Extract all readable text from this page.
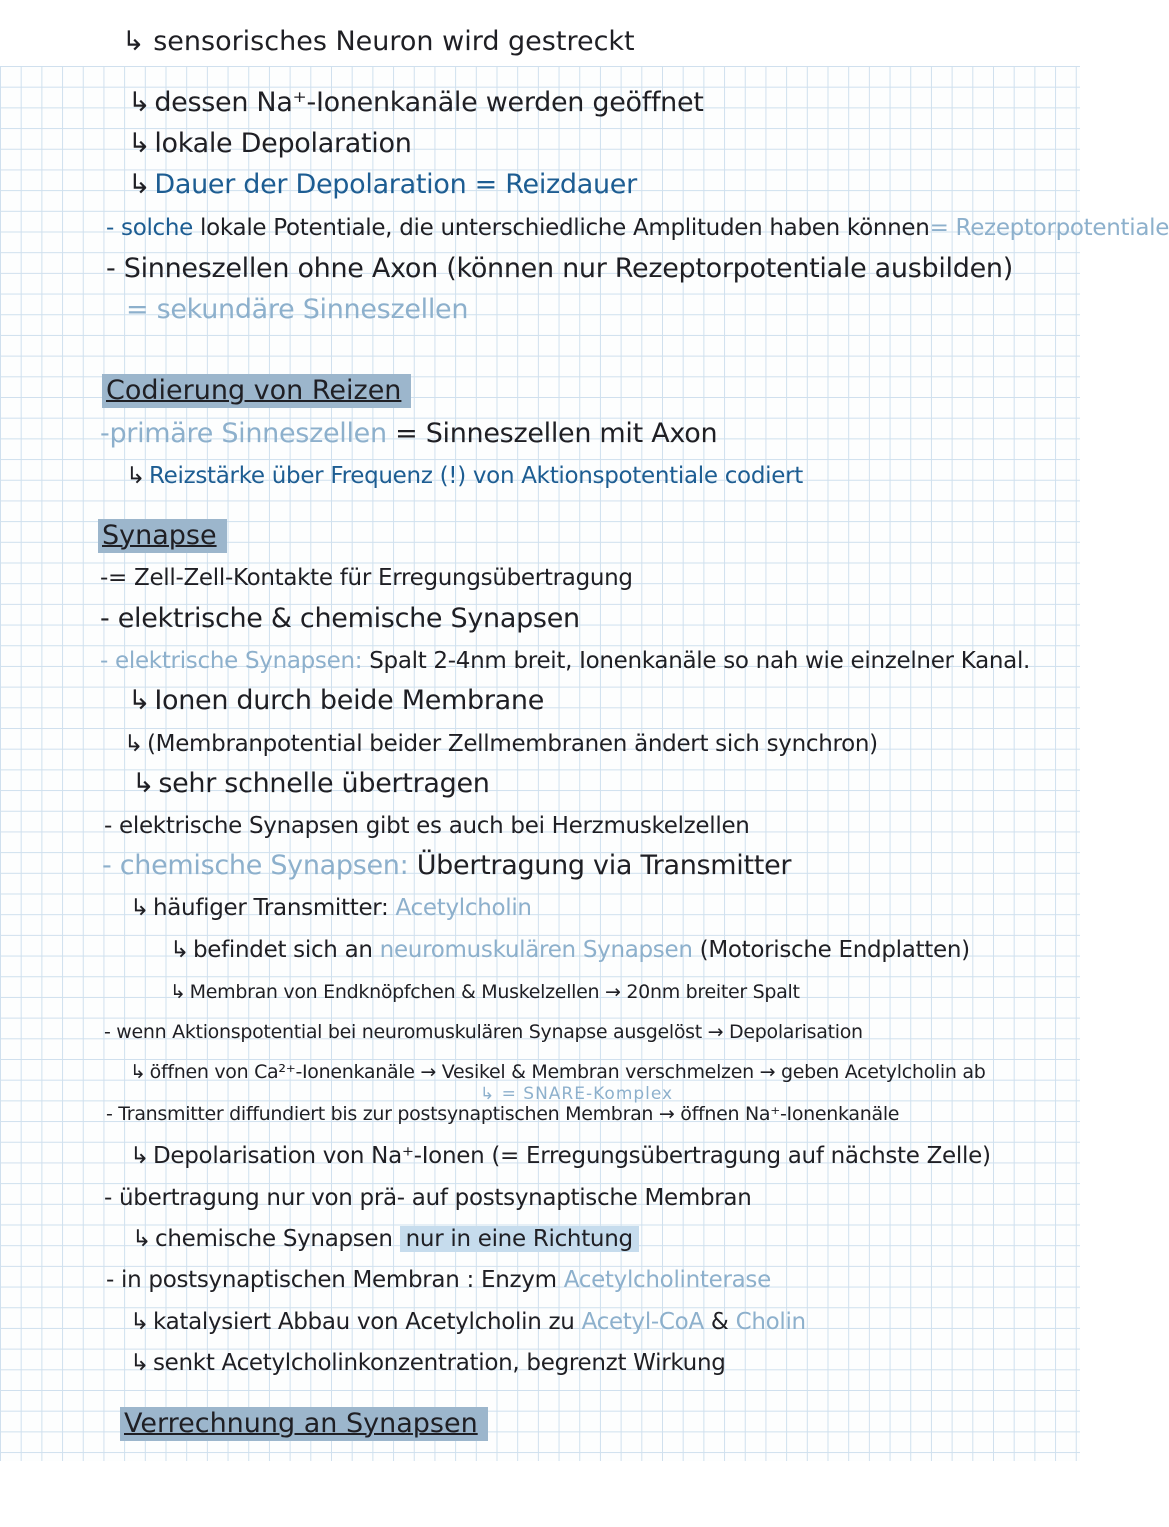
↳ sensorisches Neuron wird gestreckt
↳ dessen Na⁺-Ionenkanäle werden geöffnet
↳ lokale Depolaration
↳ Dauer der Depolaration = Reizdauer
- solche lokale Potentiale, die unterschiedliche Amplituden haben können= Rezeptorpotentiale
- Sinneszellen ohne Axon (können nur Rezeptorpotentiale ausbilden)
= sekundäre Sinneszellen
Codierung von Reizen
-primäre Sinneszellen = Sinneszellen mit Axon
↳ Reizstärke über Frequenz (!) von Aktionspotentiale codiert
Synapse
-= Zell-Zell-Kontakte für Erregungsübertragung
- elektrische & chemische Synapsen
- elektrische Synapsen: Spalt 2-4nm breit, Ionenkanäle so nah wie einzelner Kanal.
↳ Ionen durch beide Membrane
↳ (Membranpotential beider Zellmembranen ändert sich synchron)
↳ sehr schnelle übertragen
- elektrische Synapsen gibt es auch bei Herzmuskelzellen
- chemische Synapsen: Übertragung via Transmitter
↳ häufiger Transmitter: Acetylcholin
↳ befindet sich an neuromuskulären Synapsen (Motorische Endplatten)
↳ Membran von Endknöpfchen & Muskelzellen → 20nm breiter Spalt
- wenn Aktionspotential bei neuromuskulären Synapse ausgelöst → Depolarisation
↳ öffnen von Ca²⁺-Ionenkanäle → Vesikel & Membran verschmelzen → geben Acetylcholin ab
↳ = SNARE-Komplex
- Transmitter diffundiert bis zur postsynaptischen Membran → öffnen Na⁺-Ionenkanäle
↳ Depolarisation von Na⁺-Ionen (= Erregungsübertragung auf nächste Zelle)
- übertragung nur von prä- auf postsynaptische Membran
↳ chemische Synapsen nur in eine Richtung
- in postsynaptischen Membran : Enzym Acetylcholinterase
↳ katalysiert Abbau von Acetylcholin zu Acetyl-CoA & Cholin
↳ senkt Acetylcholinkonzentration, begrenzt Wirkung
Verrechnung an Synapsen
